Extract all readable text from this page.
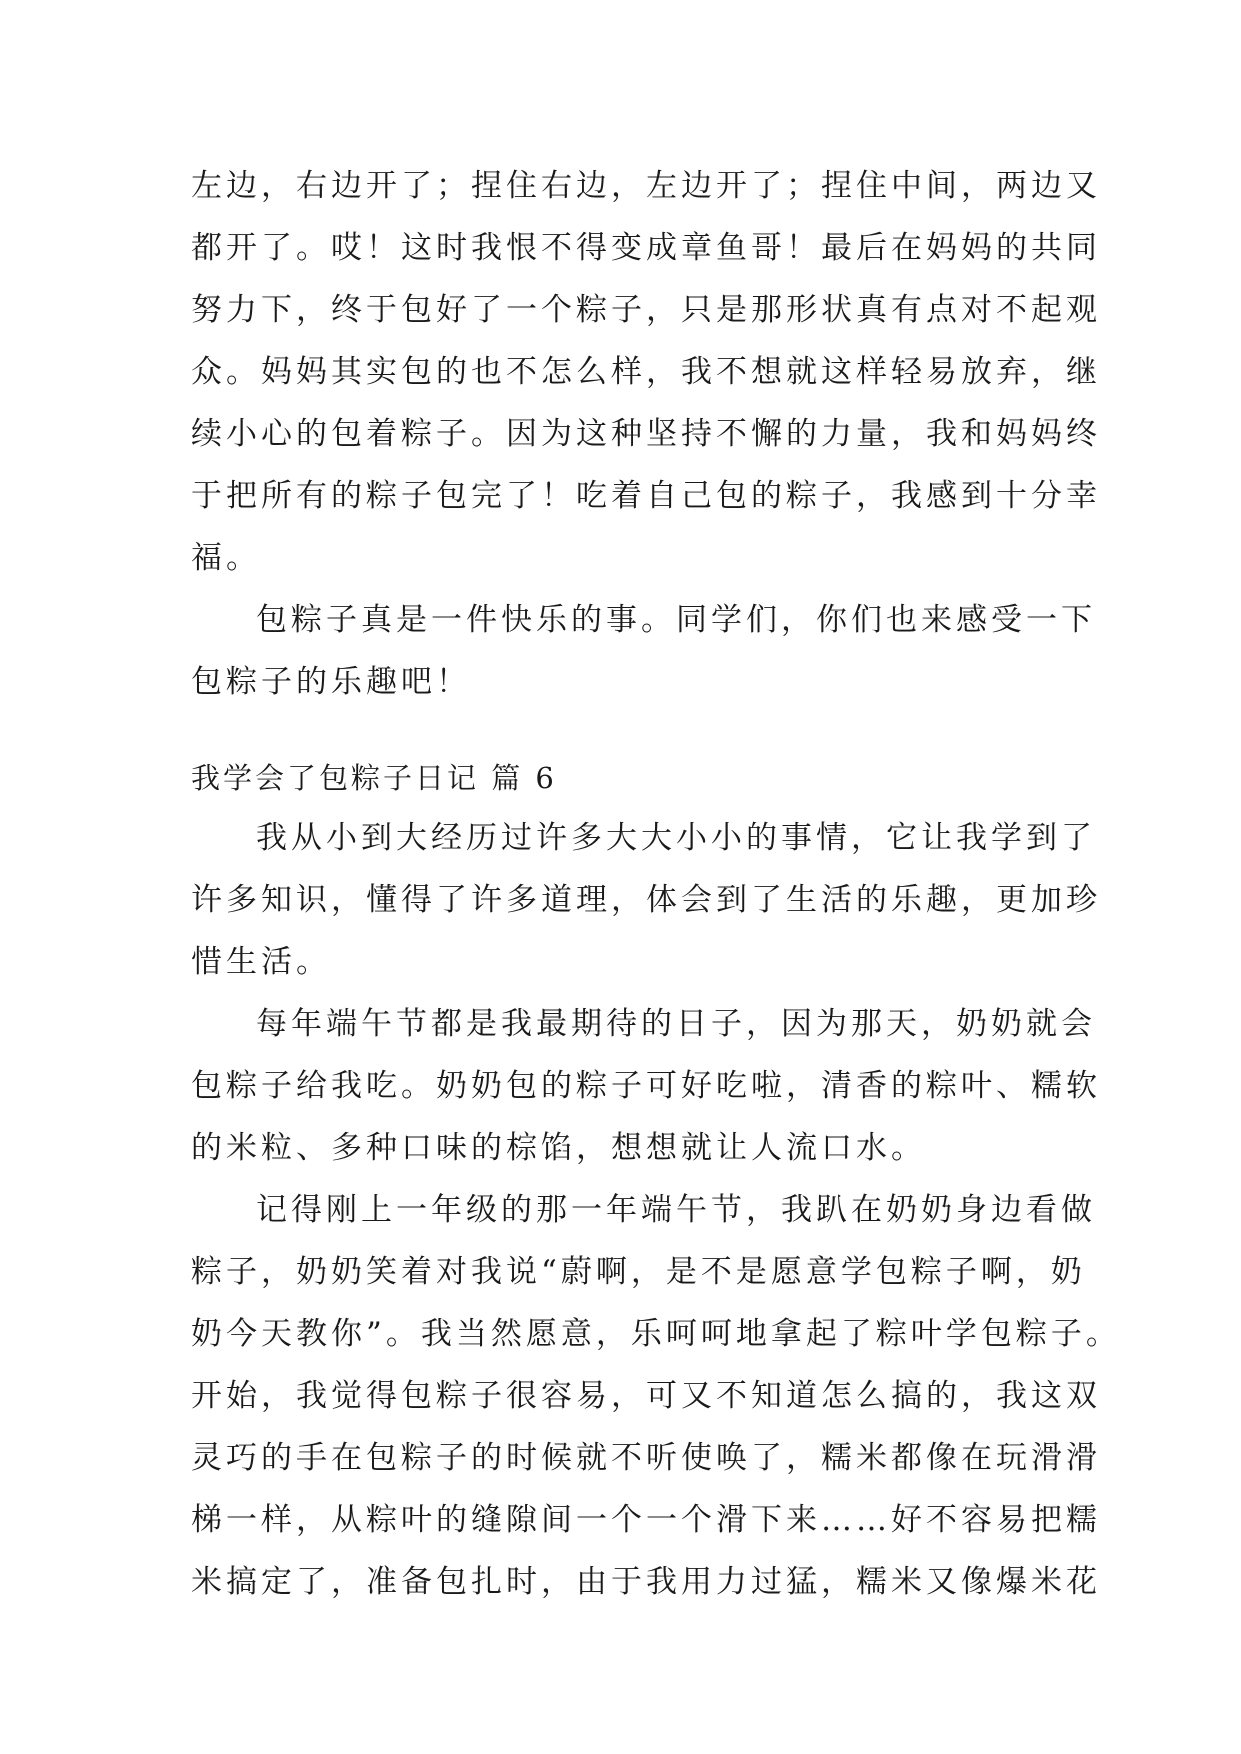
左边，右边开了；捏住右边，左边开了；捏住中间，两边又
都开了。哎！这时我恨不得变成章鱼哥！最后在妈妈的共同
努力下，终于包好了一个粽子，只是那形状真有点对不起观
众。妈妈其实包的也不怎么样，我不想就这样轻易放弃，继
续小心的包着粽子。因为这种坚持不懈的力量，我和妈妈终
于把所有的粽子包完了！吃着自己包的粽子，我感到十分幸
福。
包粽子真是一件快乐的事。同学们，你们也来感受一下
包粽子的乐趣吧！
我学会了包粽子日记 篇 6
我从小到大经历过许多大大小小的事情，它让我学到了
许多知识，懂得了许多道理，体会到了生活的乐趣，更加珍
惜生活。
每年端午节都是我最期待的日子，因为那天，奶奶就会
包粽子给我吃。奶奶包的粽子可好吃啦，清香的粽叶、糯软
的米粒、多种口味的棕馅，想想就让人流口水。
记得刚上一年级的那一年端午节，我趴在奶奶身边看做
粽子，奶奶笑着对我说“蔚啊，是不是愿意学包粽子啊，奶
奶今天教你”。我当然愿意，乐呵呵地拿起了粽叶学包粽子。
开始，我觉得包粽子很容易，可又不知道怎么搞的，我这双
灵巧的手在包粽子的时候就不听使唤了，糯米都像在玩滑滑
梯一样，从粽叶的缝隙间一个一个滑下来……好不容易把糯
米搞定了，准备包扎时，由于我用力过猛，糯米又像爆米花
